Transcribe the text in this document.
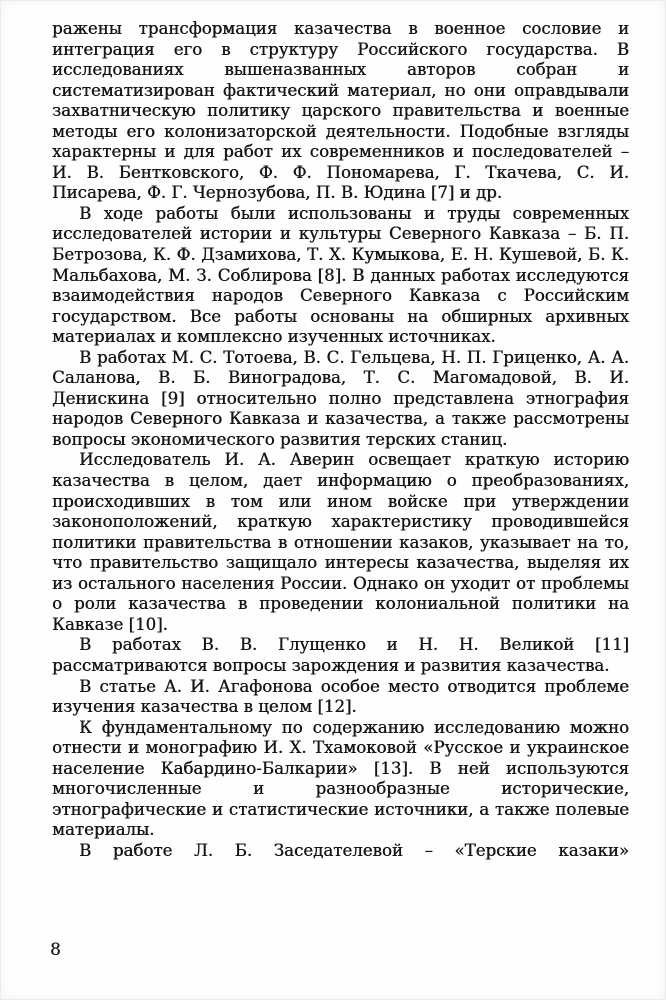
ражены трансформация казачества в военное сословие и интеграция его в структуру Российского государства. В исследованиях вышеназванных авторов собран и систематизирован фактический материал, но они оправдывали захватническую политику царского правительства и военные методы его колонизаторской деятельности. Подобные взгляды характерны и для работ их современников и последователей – И. В. Бентковского, Ф. Ф. Пономарева, Г. Ткачева, С. И. Писарева, Ф. Г. Чернозубова, П. В. Юдина [7] и др.

В ходе работы были использованы и труды современных исследователей истории и культуры Северного Кавказа – Б. П. Бетрозова, К. Ф. Дзамихова, Т. Х. Кумыкова, Е. Н. Кушевой, Б. К. Мальбахова, М. З. Соблирова [8]. В данных работах исследуются взаимодействия народов Северного Кавказа с Российским государством. Все работы основаны на обширных архивных материалах и комплексно изученных источниках.

В работах М. С. Тотоева, В. С. Гельцева, Н. П. Гриценко, А. А. Саланова, В. Б. Виноградова, Т. С. Магомадовой, В. И. Денискина [9] относительно полно представлена этнография народов Северного Кавказа и казачества, а также рассмотрены вопросы экономического развития терских станиц.

Исследователь И. А. Аверин освещает краткую историю казачества в целом, дает информацию о преобразованиях, происходивших в том или ином войске при утверждении законоположений, краткую характеристику проводившейся политики правительства в отношении казаков, указывает на то, что правительство защищало интересы казачества, выделяя их из остального населения России. Однако он уходит от проблемы о роли казачества в проведении колониальной политики на Кавказе [10].

В работах В. В. Глущенко и Н. Н. Великой [11] рассматриваются вопросы зарождения и развития казачества.

В статье А. И. Агафонова особое место отводится проблеме изучения казачества в целом [12].

К фундаментальному по содержанию исследованию можно отнести и монографию И. Х. Тхамоковой «Русское и украинское население Кабардино-Балкарии» [13]. В ней используются многочисленные и разнообразные исторические, этнографические и статистические источники, а также полевые материалы.

В работе Л. Б. Заседателевой – «Терские казаки»

8
